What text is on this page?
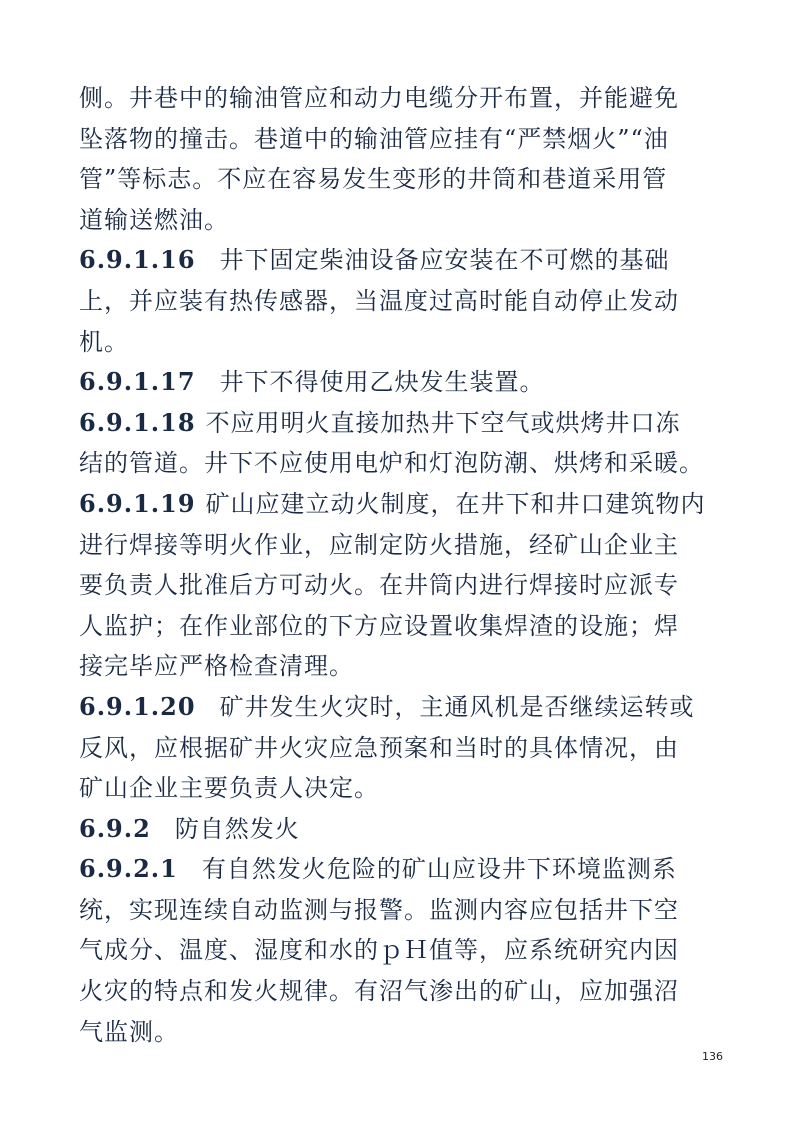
侧。井巷中的输油管应和动力电缆分开布置，并能避免
坠落物的撞击。巷道中的输油管应挂有“严禁烟火”“油
管”等标志。不应在容易发生变形的井筒和巷道采用管
道输送燃油。
6.9.1.16 井下固定柴油设备应安装在不可燃的基础
上，并应装有热传感器，当温度过高时能自动停止发动
机。
6.9.1.17 井下不得使用乙炔发生装置。
6.9.1.18 不应用明火直接加热井下空气或烘烤井口冻
结的管道。井下不应使用电炉和灯泡防潮、烘烤和采暖。
6.9.1.19 矿山应建立动火制度，在井下和井口建筑物内
进行焊接等明火作业，应制定防火措施，经矿山企业主
要负责人批准后方可动火。在井筒内进行焊接时应派专
人监护；在作业部位的下方应设置收集焊渣的设施；焊
接完毕应严格检查清理。
6.9.1.20 矿井发生火灾时，主通风机是否继续运转或
反风，应根据矿井火灾应急预案和当时的具体情况，由
矿山企业主要负责人决定。
6.9.2 防自然发火
6.9.2.1 有自然发火危险的矿山应设井下环境监测系
统，实现连续自动监测与报警。监测内容应包括井下空
气成分、温度、湿度和水的ｐＨ值等，应系统研究内因
火灾的特点和发火规律。有沼气渗出的矿山，应加强沼
气监测。
136
